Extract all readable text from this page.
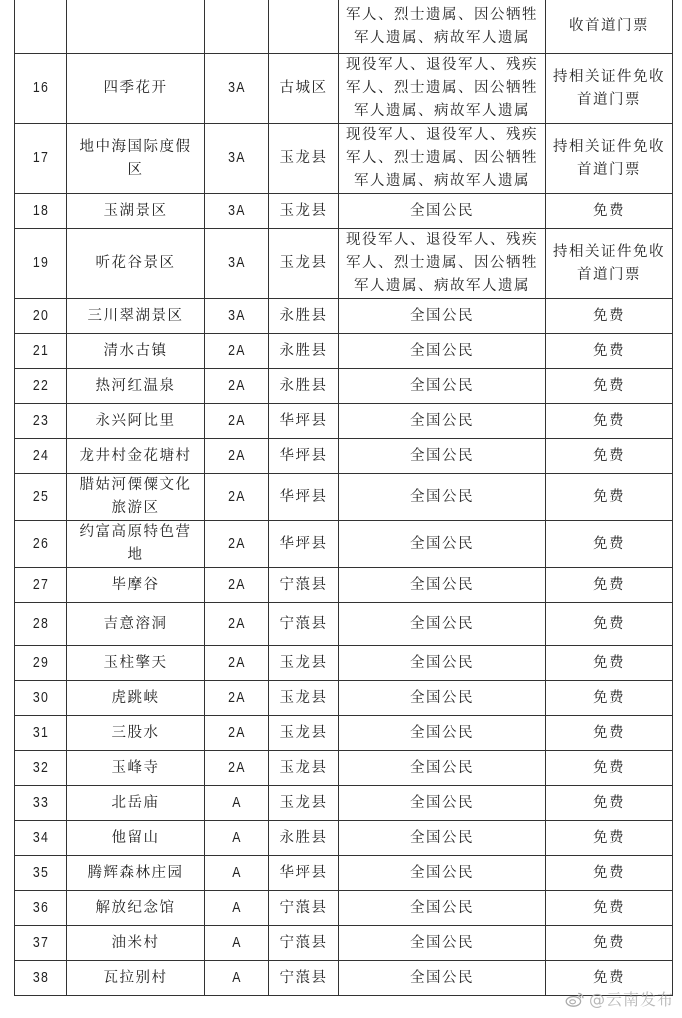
				军人、烈士遗属、因公牺牲军人遗属、病故军人遗属	收首道门票
16	四季花开	3A	古城区	现役军人、退役军人、残疾军人、烈士遗属、因公牺牲军人遗属、病故军人遗属	持相关证件免收首道门票
17	地中海国际度假区	3A	玉龙县	现役军人、退役军人、残疾军人、烈士遗属、因公牺牲军人遗属、病故军人遗属	持相关证件免收首道门票
18	玉湖景区	3A	玉龙县	全国公民	免费
19	听花谷景区	3A	玉龙县	现役军人、退役军人、残疾军人、烈士遗属、因公牺牲军人遗属、病故军人遗属	持相关证件免收首道门票
20	三川翠湖景区	3A	永胜县	全国公民	免费
21	清水古镇	2A	永胜县	全国公民	免费
22	热河红温泉	2A	永胜县	全国公民	免费
23	永兴阿比里	2A	华坪县	全国公民	免费
24	龙井村金花塘村	2A	华坪县	全国公民	免费
25	腊姑河傈僳文化旅游区	2A	华坪县	全国公民	免费
26	约富高原特色营地	2A	华坪县	全国公民	免费
27	毕摩谷	2A	宁蒗县	全国公民	免费
28	吉意溶洞	2A	宁蒗县	全国公民	免费
29	玉柱擎天	2A	玉龙县	全国公民	免费
30	虎跳峡	2A	玉龙县	全国公民	免费
31	三股水	2A	玉龙县	全国公民	免费
32	玉峰寺	2A	玉龙县	全国公民	免费
33	北岳庙	A	玉龙县	全国公民	免费
34	他留山	A	永胜县	全国公民	免费
35	腾辉森林庄园	A	华坪县	全国公民	免费
36	解放纪念馆	A	宁蒗县	全国公民	免费
37	油米村	A	宁蒗县	全国公民	免费
38	瓦拉别村	A	宁蒗县	全国公民	免费
@云南发布
